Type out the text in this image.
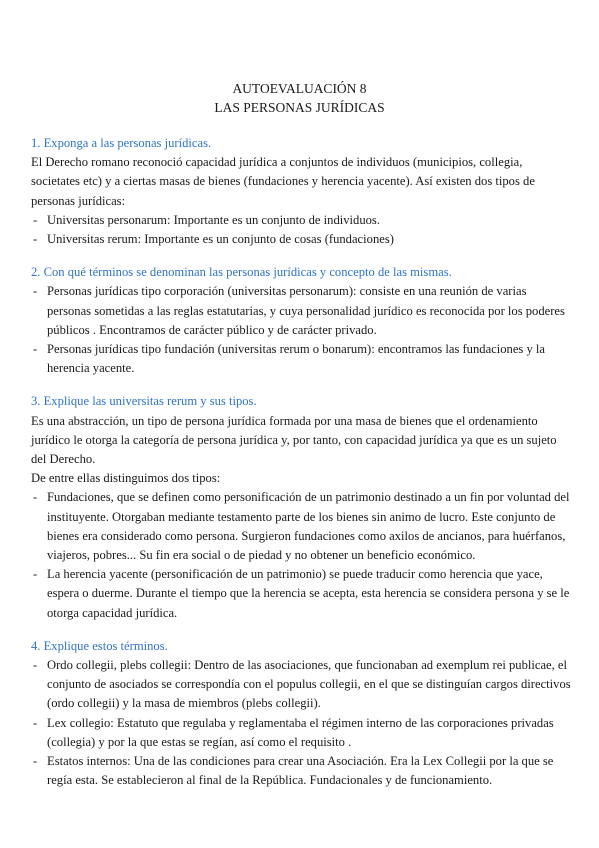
AUTOEVALUACIÓN 8
LAS PERSONAS JURÍDICAS

1. Exponga a las personas jurídicas.

El Derecho romano reconoció capacidad jurídica a conjuntos de individuos (municipios, collegia, societates etc) y a ciertas masas de bienes (fundaciones y herencia yacente). Así existen dos tipos de personas jurídicas:

- Universitas personarum: Importante es un conjunto de individuos.
- Universitas rerum: Importante es un conjunto de cosas (fundaciones)

2. Con qué términos se denominan las personas jurídicas y concepto de las mismas.

- Personas jurídicas tipo corporación (universitas personarum): consiste en una reunión de varias personas sometidas a las reglas estatutarias, y cuya personalidad jurídico es reconocida por los poderes públicos . Encontramos de carácter público y de carácter privado.
- Personas jurídicas tipo fundación (universitas rerum o bonarum): encontramos las fundaciones y la herencia yacente.

3. Explique las universitas rerum y sus tipos.

Es una abstracción, un tipo de persona jurídica formada por una masa de bienes que el ordenamiento jurídico le otorga la categoría de persona jurídica y, por tanto, con capacidad jurídica ya que es un sujeto del Derecho.

De entre ellas distinguimos dos tipos:

- Fundaciones, que se definen como personificación de un patrimonio destinado a un fin por voluntad del instituyente. Otorgaban mediante testamento parte de los bienes sin animo de lucro. Este conjunto de bienes era considerado como persona. Surgieron fundaciones como axilos de ancianos, para huérfanos, viajeros, pobres... Su fin era social o de piedad y no obtener un beneficio económico.
- La herencia yacente (personificación de un patrimonio) se puede traducir como herencia que yace, espera o duerme. Durante el tiempo que la herencia se acepta, esta herencia se considera persona y se le otorga capacidad jurídica.

4. Explique estos términos.

- Ordo collegii, plebs collegii: Dentro de las asociaciones, que funcionaban ad exemplum rei publicae, el conjunto de asociados se correspondía con el populus collegii, en el que se distinguían cargos directivos (ordo collegii) y la masa de miembros (plebs collegii).
- Lex collegio: Estatuto que regulaba y reglamentaba el régimen interno de las corporaciones privadas (collegia) y por la que estas se regían, así como el requisito .
- Estatos internos: Una de las condiciones para crear una Asociación. Era la Lex Collegii por la que se regía esta. Se establecieron al final de la República. Fundacionales y de funcionamiento.
